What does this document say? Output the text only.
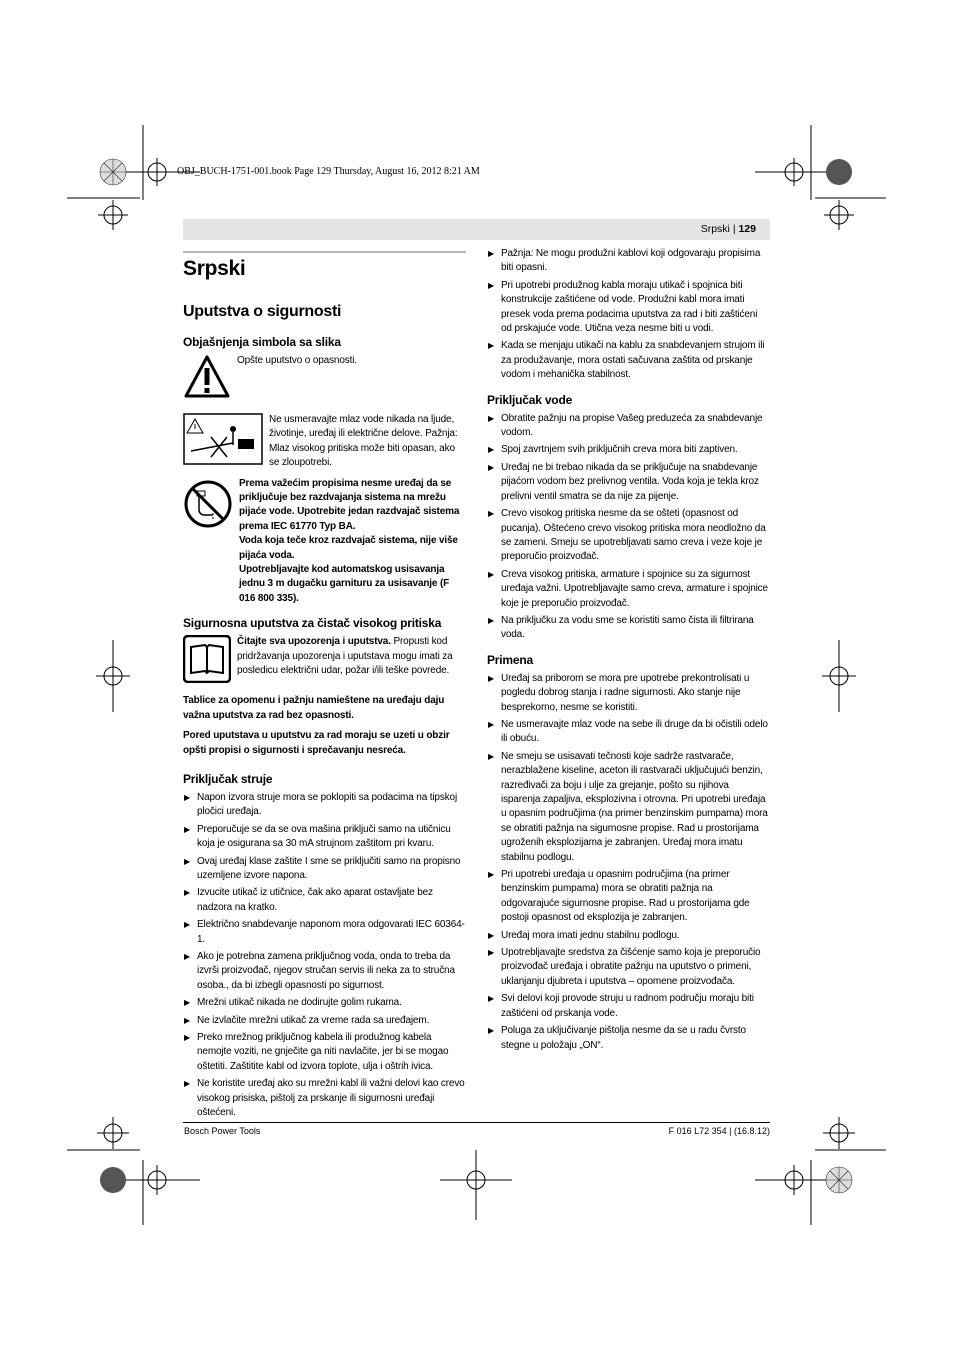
OBJ_BUCH-1751-001.book Page 129 Thursday, August 16, 2012 8:21 AM
Srpski | 129
Srpski
Uputstva o sigurnosti
Objašnjenja simbola sa slika
Opšte uputstvo o opasnosti.
Ne usmeravajte mlaz vode nikada na ljude, životinje, uređaj ili električne delove. Pažnja: Mlaz visokog pritiska može biti opasan, ako se zloupotrebi.
Prema važećim propisima nesme uređaj da se priključuje bez razdvajanja sistema na mrežu pijaće vode. Upotrebite jedan razdvajač sistema prema IEC 61770 Typ BA.
Voda koja teče kroz razdvajač sistema, nije više pijaća voda.
Upotrebljavajte kod automatskog usisavanja jednu 3 m dugačku garnituru za usisavanje (F 016 800 335).
Sigurnosna uputstva za čistač visokog pritiska
Čitajte sva upozorenja i uputstva. Propusti kod pridržavanja upozorenja i uputstava mogu imati za posledicu električni udar, požar i/ili teške povrede.
Tablice za opomenu i pažnju namieštene na uređaju daju važna uputstva za rad bez opasnosti.
Pored uputstava u uputstvu za rad moraju se uzeti u obzir opšti propisi o sigurnosti i sprečavanju nesreća.
Priključak struje
▶ Napon izvora struje mora se poklopiti sa podacima na tipskoj pločici uređaja.
▶ Preporučuje se da se ova mašina priključi samo na utičnicu koja je osigurana sa 30 mA strujnom zaštitom pri kvaru.
▶ Ovaj uređaj klase zaštite I sme se priključiti samo na propisno uzemljene izvore napona.
▶ Izvucite utikač iz utičnice, čak ako aparat ostavljate bez nadzora na kratko.
▶ Električno snabdevanje naponom mora odgovarati IEC 60364-1.
▶ Ako je potrebna zamena priključnog voda, onda to treba da izvrši proizvođač, njegov stručan servis ili neka za to stručna osoba., da bi izbegli opasnosti po sigurnost.
▶ Mrežni utikač nikada ne dodirujte golim rukama.
▶ Ne izvlačite mrežni utikač za vreme rada sa uređajem.
▶ Preko mrežnog priključnog kabela ili produžnog kabela nemojte voziti, ne gnječite ga niti navlačite, jer bi se mogao oštetiti. Zaštitite kabl od izvora toplote, ulja i oštrih ivica.
▶ Ne koristite uređaj ako su mrežni kabl ili važni delovi kao crevo visokog prisiska, pištolj za prskanje ili sigurnosni uređaji oštećeni.
▶ Pažnja: Ne mogu produžni kablovi koji odgovaraju propisima biti opasni.
▶ Pri upotrebi produžnog kabla moraju utikač i spojnica biti konstrukcije zaštićene od vode. Produžni kabl mora imati presek voda prema podacima uputstva za rad i biti zaštićeni od prskajuće vode. Utična veza nesme biti u vodi.
▶ Kada se menjaju utikači na kablu za snabdevanjem strujom ili za produžavanje, mora ostati sačuvana zaštita od prskanje vodom i mehanička stabilnost.
Priključak vode
▶ Obratite pažnju na propise Vašeg preduzeća za snabdevanje vodom.
▶ Spoj zavrtnjem svih priključnih creva mora biti zaptiven.
▶ Uređaj ne bi trebao nikada da se priključuje na snabdevanje pijaćom vodom bez prelivnog ventila. Voda koja je tekla kroz prelivni ventil smatra se da nije za pijenje.
▶ Crevo visokog pritiska nesme da se ošteti (opasnost od pucanja). Oštećeno crevo visokog pritiska mora neodložno da se zameni. Smeju se upotrebljavati samo creva i veze koje je preporučio proizvođač.
▶ Creva visokog pritiska, armature i spojnice su za sigurnost uređaja važni. Upotrebljavajte samo creva, armature i spojnice koje je preporučio proizvođač.
▶ Na priključku za vodu sme se koristiti samo čista ili filtrirana voda.
Primena
▶ Uređaj sa priborom se mora pre upotrebe prekontrolisati u pogledu dobrog stanja i radne sigurnosti. Ako stanje nije besprekorno, nesme se koristiti.
▶ Ne usmeravajte mlaz vode na sebe ili druge da bi očistili odelo ili obuću.
▶ Ne smeju se usisavati tečnosti koje sadrže rastvarače, nerazblažene kiseline, aceton ili rastvarači uključujući benzin, razređivači za boju i ulje za grejanje, pošto su njihova isparenja zapaljiva, eksplozivna i otrovna. Pri upotrebi uređaja u opasnim područjima (na primer benzinskim pumpama) mora se obratiti pažnja na sigurnosne propise. Rad u prostorijama ugroženih eksplozijama je zabranjen. Uređaj mora imatu stabilnu podlogu.
▶ Pri upotrebi uređaja u opasnim područjima (na primer benzinskim pumpama) mora se obratiti pažnja na odgovarajuće sigurnosne propise. Rad u prostorijama gde postoji opasnost od eksplozija je zabranjen.
▶ Uređaj mora imati jednu stabilnu podlogu.
▶ Upotrebljavajte sredstva za čišćenje samo koja je preporučio proizvođač uređaja i obratite pažnju na uputstvo o primeni, uklanjanju djubreta i uputstva – opomene proizvođača.
▶ Svi delovi koji provode struju u radnom području moraju biti zaštićeni od prskanja vode.
▶ Poluga za uključivanje pištolja nesme da se u radu čvrsto stegne u položaju „ON“.
Bosch Power Tools	F 016 L72 354 | (16.8.12)
